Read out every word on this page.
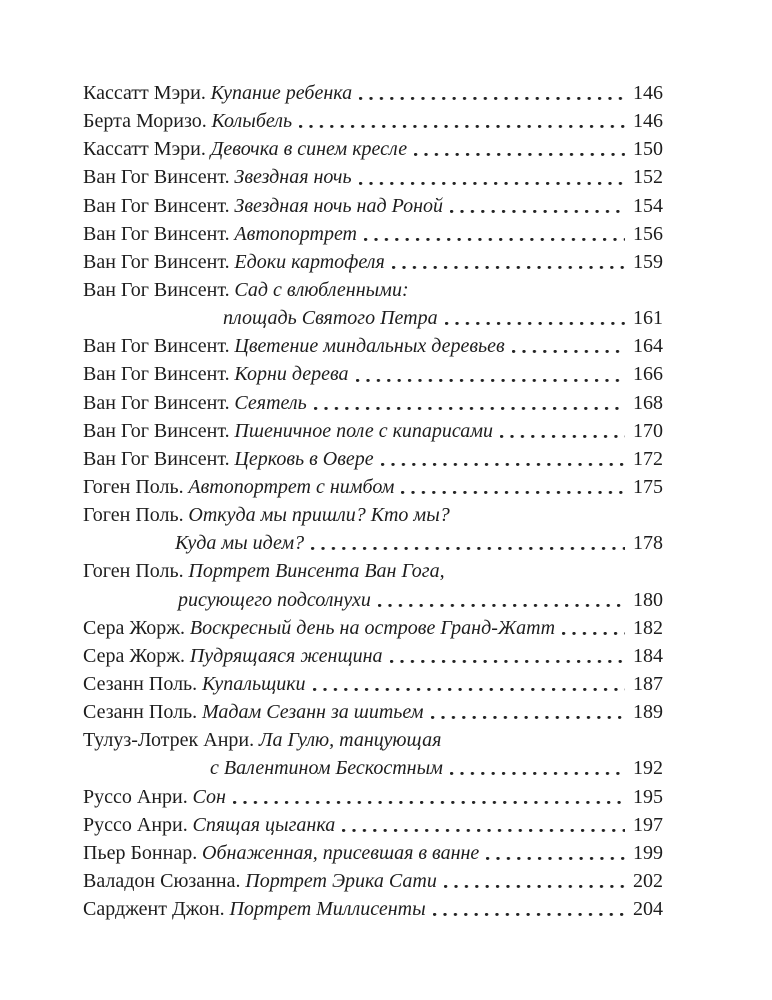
Кассатт Мэри. Купание ребенка	146
Берта Моризо. Колыбель	146
Кассатт Мэри. Девочка в синем кресле	150
Ван Гог Винсент. Звездная ночь	152
Ван Гог Винсент. Звездная ночь над Роной	154
Ван Гог Винсент. Автопортрет	156
Ван Гог Винсент. Едоки картофеля	159
Ван Гог Винсент. Сад с влюбленными:
площадь Святого Петра	161
Ван Гог Винсент. Цветение миндальных деревьев	164
Ван Гог Винсент. Корни дерева	166
Ван Гог Винсент. Сеятель	168
Ван Гог Винсент. Пшеничное поле с кипарисами	170
Ван Гог Винсент. Церковь в Овере	172
Гоген Поль. Автопортрет с нимбом	175
Гоген Поль. Откуда мы пришли? Кто мы?
Куда мы идем?	178
Гоген Поль. Портрет Винсента Ван Гога,
рисующего подсолнухи	180
Сера Жорж. Воскресный день на острове Гранд-Жатт	182
Сера Жорж. Пудрящаяся женщина	184
Сезанн Поль. Купальщики	187
Сезанн Поль. Мадам Сезанн за шитьем	189
Тулуз-Лотрек Анри. Ла Гулю, танцующая
с Валентином Бескостным	192
Руссо Анри. Сон	195
Руссо Анри. Спящая цыганка	197
Пьер Боннар. Обнаженная, присевшая в ванне	199
Валадон Сюзанна. Портрет Эрика Сати	202
Сарджент Джон. Портрет Миллисенты	204
